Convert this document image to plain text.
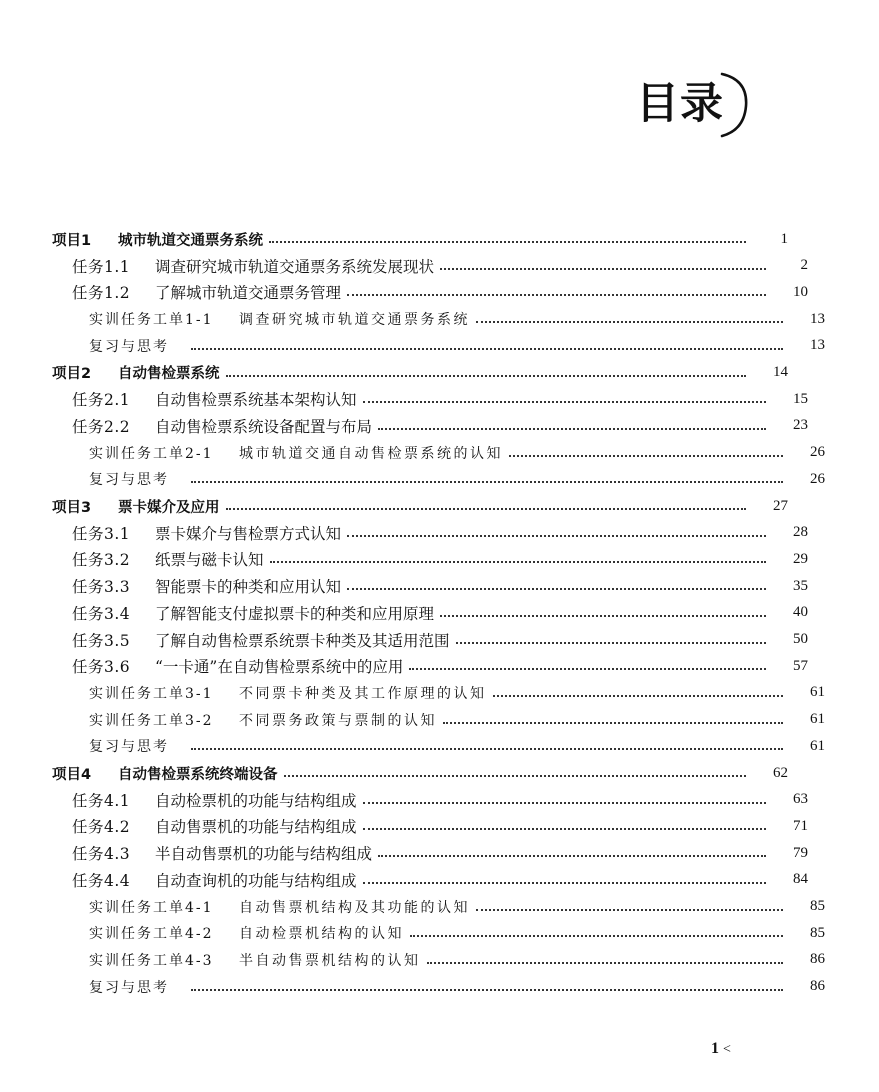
目录
项目1	城市轨道交通票务系统	1
任务1.1	调查研究城市轨道交通票务系统发展现状	2
任务1.2	了解城市轨道交通票务管理	10
实训任务工单1-1	调查研究城市轨道交通票务系统	13
复习与思考	13
项目2	自动售检票系统	14
任务2.1	自动售检票系统基本架构认知	15
任务2.2	自动售检票系统设备配置与布局	23
实训任务工单2-1	城市轨道交通自动售检票系统的认知	26
复习与思考	26
项目3	票卡媒介及应用	27
任务3.1	票卡媒介与售检票方式认知	28
任务3.2	纸票与磁卡认知	29
任务3.3	智能票卡的种类和应用认知	35
任务3.4	了解智能支付虚拟票卡的种类和应用原理	40
任务3.5	了解自动售检票系统票卡种类及其适用范围	50
任务3.6	“一卡通”在自动售检票系统中的应用	57
实训任务工单3-1	不同票卡种类及其工作原理的认知	61
实训任务工单3-2	不同票务政策与票制的认知	61
复习与思考	61
项目4	自动售检票系统终端设备	62
任务4.1	自动检票机的功能与结构组成	63
任务4.2	自动售票机的功能与结构组成	71
任务4.3	半自动售票机的功能与结构组成	79
任务4.4	自动查询机的功能与结构组成	84
实训任务工单4-1	自动售票机结构及其功能的认知	85
实训任务工单4-2	自动检票机结构的认知	85
实训任务工单4-3	半自动售票机结构的认知	86
复习与思考	86
1 <
